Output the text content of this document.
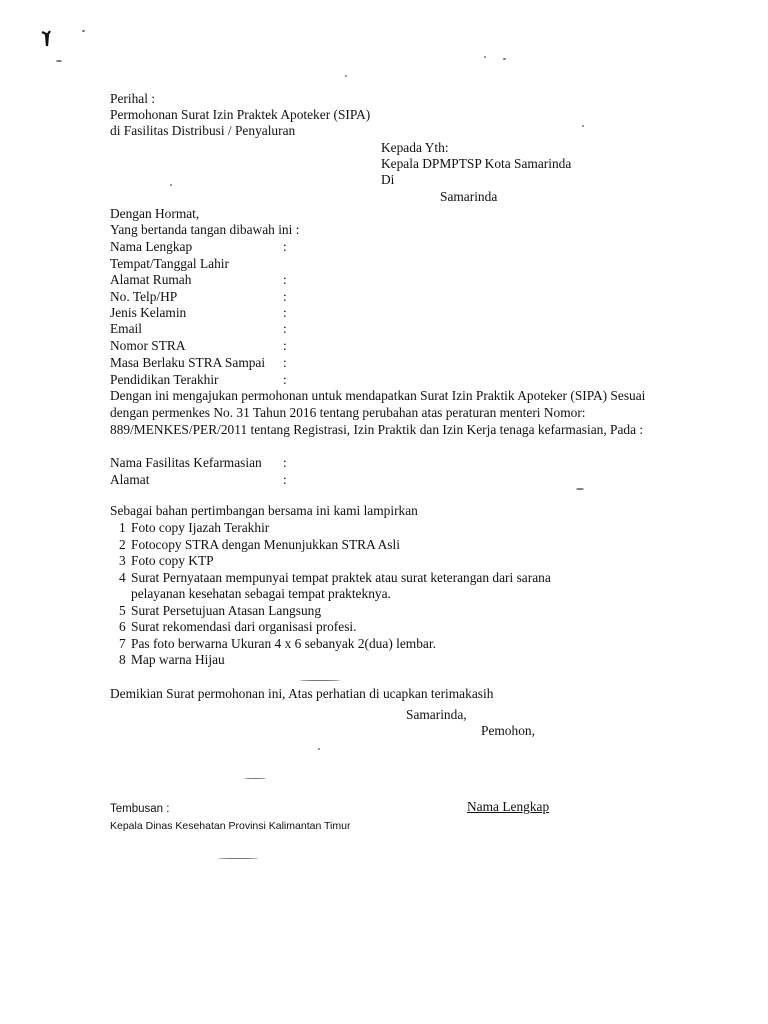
Perihal :
Permohonan Surat Izin Praktek Apoteker (SIPA)
di Fasilitas Distribusi / Penyaluran
Kepada Yth:
Kepala DPMPTSP Kota Samarinda
Di
Samarinda
Dengan Hormat,
Yang bertanda tangan dibawah ini :
Nama Lengkap	:
Tempat/Tanggal Lahir
Alamat Rumah	:
No. Telp/HP	:
Jenis Kelamin	:
Email	:
Nomor STRA	:
Masa Berlaku STRA Sampai :
Pendidikan Terakhir	:
Dengan ini mengajukan permohonan untuk mendapatkan Surat Izin Praktik Apoteker (SIPA) Sesuai
dengan permenkes No. 31 Tahun 2016 tentang perubahan atas peraturan menteri Nomor:
889/MENKES/PER/2011 tentang Registrasi, Izin Praktik dan Izin Kerja tenaga kefarmasian, Pada :
Nama Fasilitas Kefarmasian :
Alamat	:
Sebagai bahan pertimbangan bersama ini kami lampirkan
1 Foto copy Ijazah Terakhir
2 Fotocopy STRA dengan Menunjukkan STRA Asli
3 Foto copy KTP
4 Surat Pernyataan mempunyai tempat praktek atau surat keterangan dari sarana
pelayanan kesehatan sebagai tempat prakteknya.
5 Surat Persetujuan Atasan Langsung
6 Surat rekomendasi dari organisasi profesi.
7 Pas foto berwarna Ukuran 4 x 6 sebanyak 2(dua) lembar.
8 Map warna Hijau
Demikian Surat permohonan ini, Atas perhatian di ucapkan terimakasih
Samarinda,
Pemohon,
Nama Lengkap
Tembusan :
Kepala Dinas Kesehatan Provinsi Kalimantan Timur
